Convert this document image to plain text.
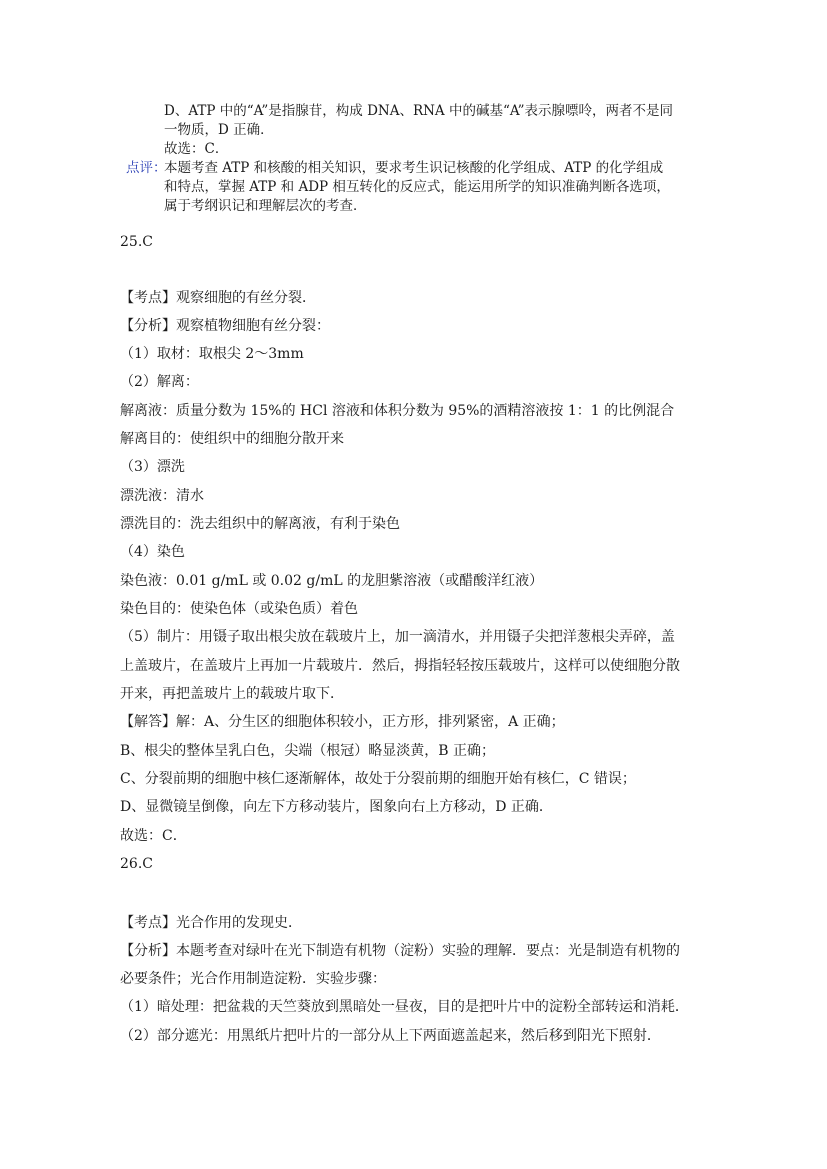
D、ATP 中的“A”是指腺苷，构成 DNA、RNA 中的碱基“A”表示腺嘌呤，两者不是同
一物质，D 正确．
故选：C．
点评：
本题考查 ATP 和核酸的相关知识，要求考生识记核酸的化学组成、ATP 的化学组成
和特点，掌握 ATP 和 ADP 相互转化的反应式，能运用所学的知识准确判断各选项，
属于考纲识记和理解层次的考查．
25.C
【考点】观察细胞的有丝分裂．
【分析】观察植物细胞有丝分裂：
（1）取材：取根尖 2～3mm
（2）解离：
解离液：质量分数为 15%的 HCl 溶液和体积分数为 95%的酒精溶液按 1：1 的比例混合
解离目的：使组织中的细胞分散开来
（3）漂洗
漂洗液：清水
漂洗目的：洗去组织中的解离液，有利于染色
（4）染色
染色液：0.01 g/mL 或 0.02 g/mL 的龙胆紫溶液（或醋酸洋红液）
染色目的：使染色体（或染色质）着色
（5）制片：用镊子取出根尖放在载玻片上，加一滴清水，并用镊子尖把洋葱根尖弄碎，盖
上盖玻片，在盖玻片上再加一片载玻片．然后，拇指轻轻按压载玻片，这样可以使细胞分散
开来，再把盖玻片上的载玻片取下．
【解答】解：A、分生区的细胞体积较小，正方形，排列紧密，A 正确；
B、根尖的整体呈乳白色，尖端（根冠）略显淡黄，B 正确；
C、分裂前期的细胞中核仁逐渐解体，故处于分裂前期的细胞开始有核仁，C 错误；
D、显微镜呈倒像，向左下方移动装片，图象向右上方移动，D 正确．
故选：C．
26.C
【考点】光合作用的发现史．
【分析】本题考查对绿叶在光下制造有机物（淀粉）实验的理解．要点：光是制造有机物的
必要条件；光合作用制造淀粉．实验步骤：
（1）暗处理：把盆栽的天竺葵放到黑暗处一昼夜，目的是把叶片中的淀粉全部转运和消耗．
（2）部分遮光：用黑纸片把叶片的一部分从上下两面遮盖起来，然后移到阳光下照射．
